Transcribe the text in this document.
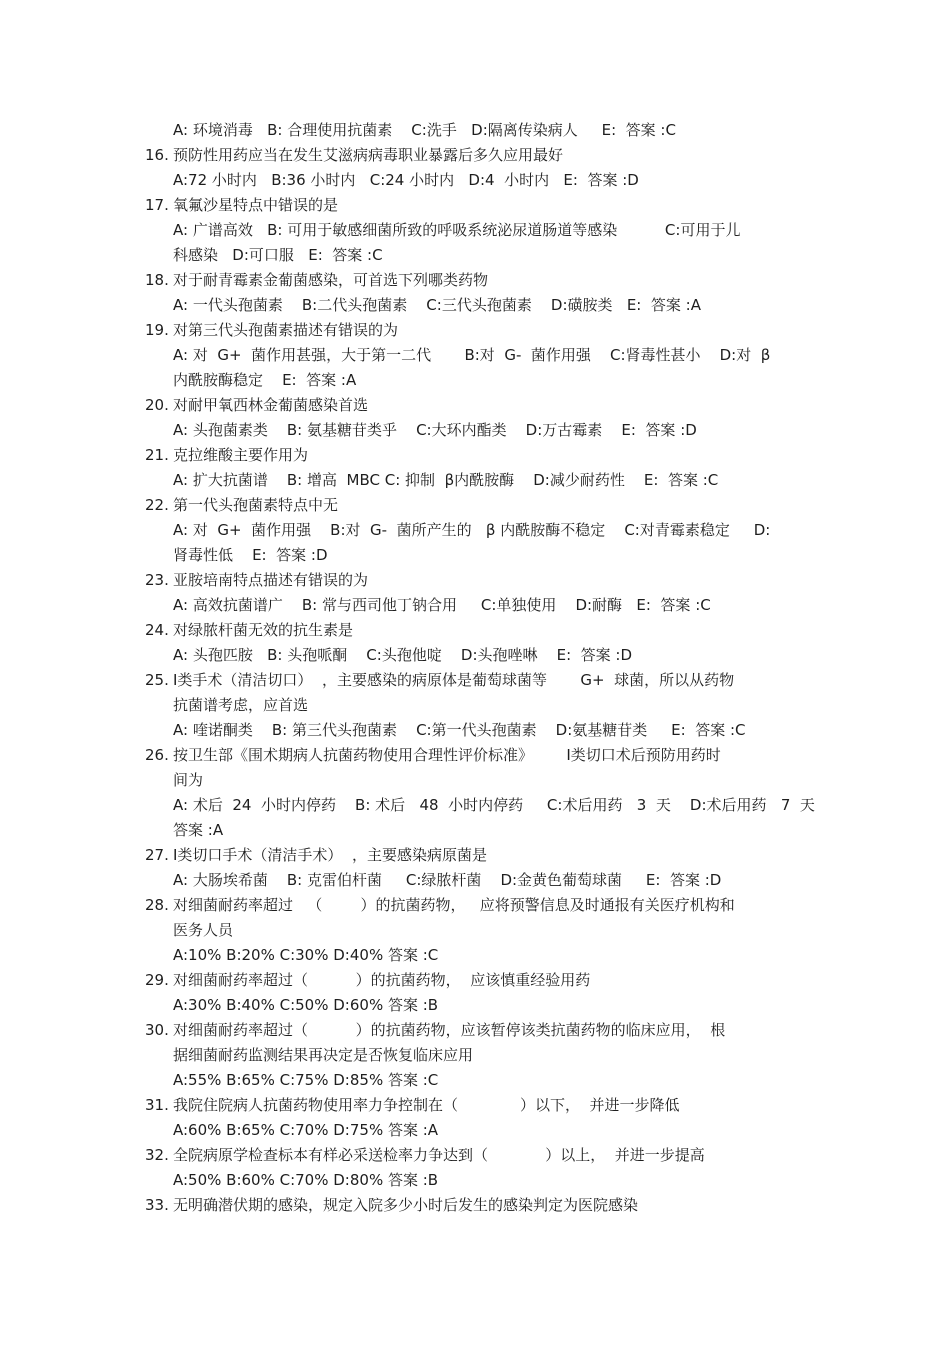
A: 环境消毒   B: 合理使用抗菌素    C:洗手   D:隔离传染病人     E:  答案 :C
16. 预防性用药应当在发生艾滋病病毒职业暴露后多久应用最好
A:72 小时内   B:36 小时内   C:24 小时内   D:4  小时内   E:  答案 :D
17. 氧氟沙星特点中错误的是
A: 广谱高效   B: 可用于敏感细菌所致的呼吸系统泌尿道肠道等感染          C:可用于儿
科感染   D:可口服   E:  答案 :C
18. 对于耐青霉素金葡菌感染，可首选下列哪类药物
A: 一代头孢菌素    B:二代头孢菌素    C:三代头孢菌素    D:磺胺类   E:  答案 :A
19. 对第三代头孢菌素描述有错误的为
A: 对  G+  菌作用甚强，大于第一二代       B:对  G-  菌作用强    C:肾毒性甚小    D:对  β
内酰胺酶稳定    E:  答案 :A
20. 对耐甲氧西林金葡菌感染首选
A: 头孢菌素类    B: 氨基糖苷类乎    C:大环内酯类    D:万古霉素    E:  答案 :D
21. 克拉维酸主要作用为
A: 扩大抗菌谱    B: 增高  MBC C: 抑制  β内酰胺酶    D:减少耐药性    E:  答案 :C
22. 第一代头孢菌素特点中无
A: 对  G+  菌作用强    B:对  G-  菌所产生的   β 内酰胺酶不稳定    C:对青霉素稳定     D:
肾毒性低    E:  答案 :D
23. 亚胺培南特点描述有错误的为
A: 高效抗菌谱广    B: 常与西司他丁钠合用     C:单独使用    D:耐酶   E:  答案 :C
24. 对绿脓杆菌无效的抗生素是
A: 头孢匹胺   B: 头孢哌酮    C:头孢他啶    D:头孢唑啉    E:  答案 :D
25. Ⅰ类手术（清洁切口）  ，主要感染的病原体是葡萄球菌等       G+  球菌，所以从药物
抗菌谱考虑，应首选
A: 喹诺酮类    B: 第三代头孢菌素    C:第一代头孢菌素    D:氨基糖苷类     E:  答案 :C
26. 按卫生部《围术期病人抗菌药物使用合理性评价标准》       Ⅰ类切口术后预防用药时
间为
A: 术后  24  小时内停药    B: 术后   48  小时内停药     C:术后用药   3  天    D:术后用药   7  天
答案 :A
27. Ⅰ类切口手术（清洁手术）  ，主要感染病原菌是
A: 大肠埃希菌    B: 克雷伯杆菌     C:绿脓杆菌    D:金黄色葡萄球菌     E:  答案 :D
28. 对细菌耐药率超过   （        ）的抗菌药物，   应将预警信息及时通报有关医疗机构和
医务人员
A:10% B:20% C:30% D:40% 答案 :C
29. 对细菌耐药率超过（          ）的抗菌药物，  应该慎重经验用药
A:30% B:40% C:50% D:60% 答案 :B
30. 对细菌耐药率超过（          ）的抗菌药物，应该暂停该类抗菌药物的临床应用，  根
据细菌耐药监测结果再决定是否恢复临床应用
A:55% B:65% C:75% D:85% 答案 :C
31. 我院住院病人抗菌药物使用率力争控制在（             ）以下，  并进一步降低
A:60% B:65% C:70% D:75% 答案 :A
32. 全院病原学检查标本有样必采送检率力争达到（            ）以上，  并进一步提高
A:50% B:60% C:70% D:80% 答案 :B
33. 无明确潜伏期的感染，规定入院多少小时后发生的感染判定为医院感染
